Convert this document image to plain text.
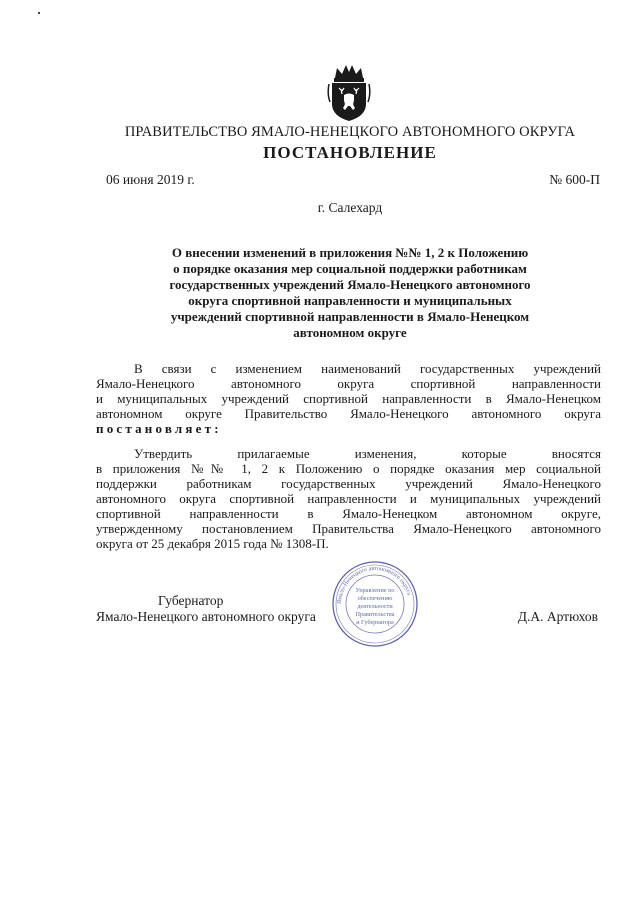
ПРАВИТЕЛЬСТВО ЯМАЛО-НЕНЕЦКОГО АВТОНОМНОГО ОКРУГА
ПОСТАНОВЛЕНИЕ
06 июня 2019 г.	№ 600-П
г. Салехард
О внесении изменений в приложения №№ 1, 2 к Положению
о порядке оказания мер социальной поддержки работникам
государственных учреждений Ямало-Ненецкого автономного
округа спортивной направленности и муниципальных
учреждений спортивной направленности в Ямало-Ненецком
автономном округе
В связи с изменением наименований государственных учреждений
Ямало-Ненецкого автономного округа спортивной направленности
и муниципальных учреждений спортивной направленности в Ямало-Ненецком
автономном округе Правительство Ямало-Ненецкого автономного округа
постановляет:
Утвердить прилагаемые изменения, которые вносятся
в приложения №№ 1, 2 к Положению о порядке оказания мер социальной
поддержки работникам государственных учреждений Ямало-Ненецкого
автономного округа спортивной направленности и муниципальных учреждений
спортивной направленности в Ямало-Ненецком автономном округе,
утвержденному постановлением Правительства Ямало-Ненецкого автономного
округа от 25 декабря 2015 года № 1308-П.
Губернатор
Ямало-Ненецкого автономного округа	Д.А. Артюхов
Ямало-Ненецкого автономного округа
Управление по
обеспечению
деятельности
Правительства
и Губернатора
